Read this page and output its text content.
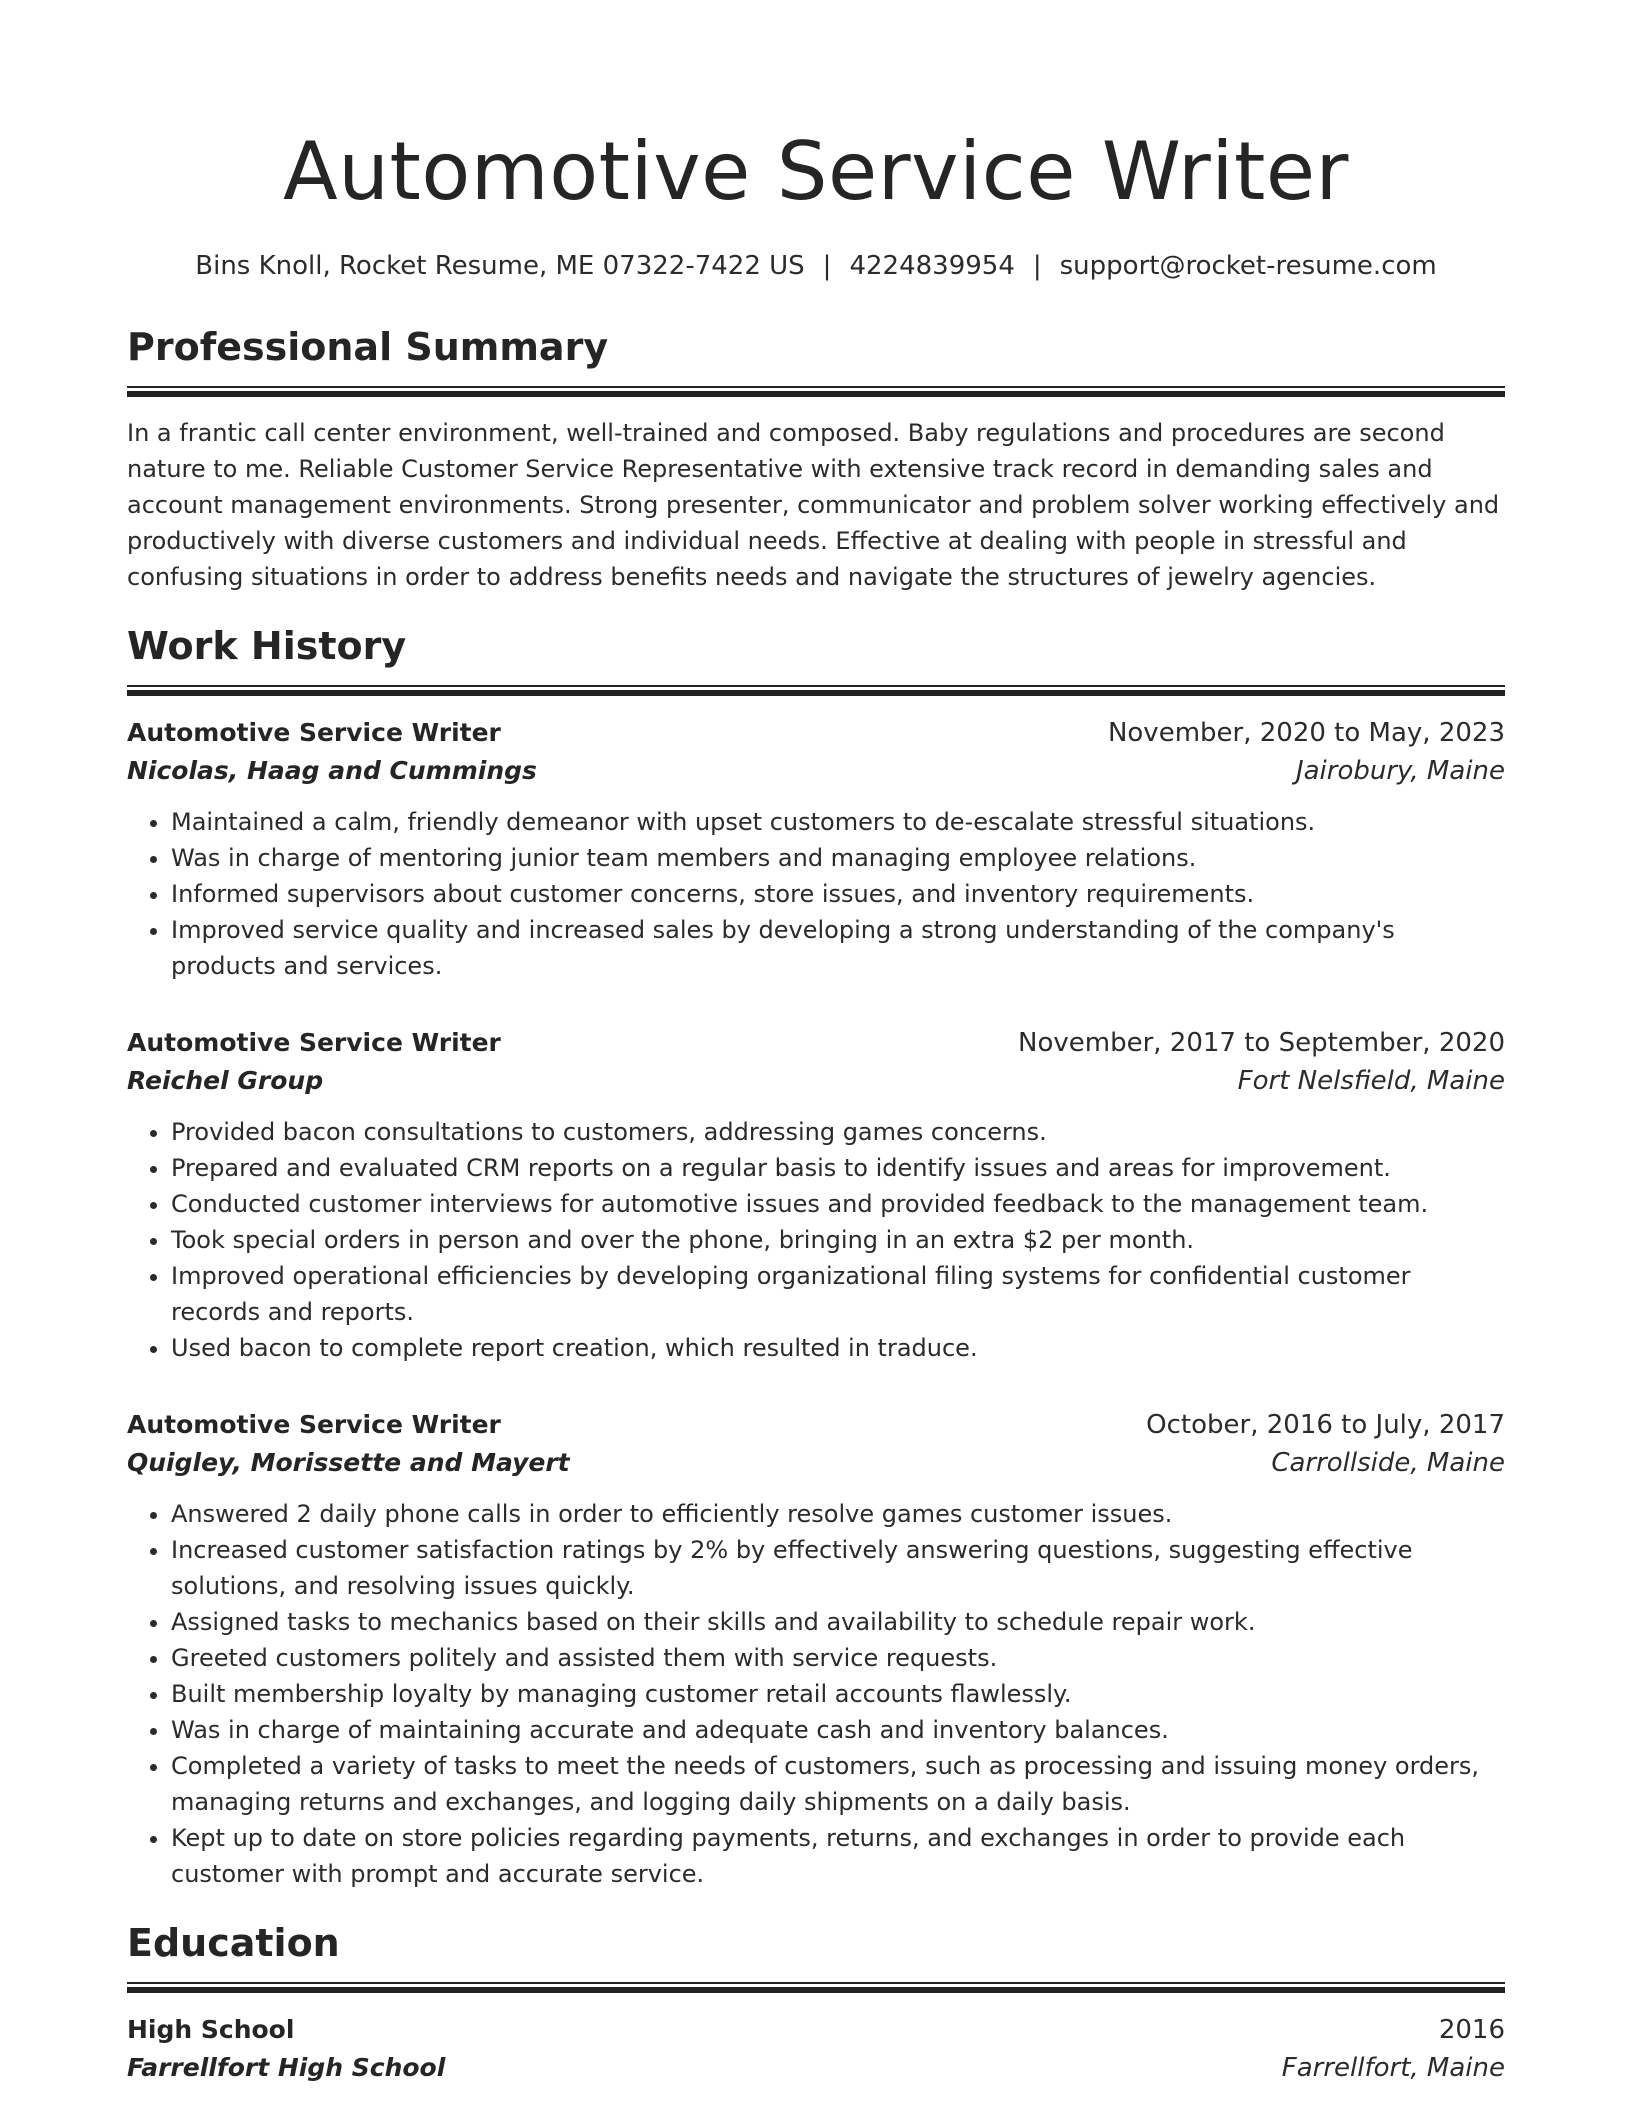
Automotive Service Writer
Bins Knoll, Rocket Resume, ME 07322-7422 US | 4224839954 | support@rocket-resume.com
Professional Summary
In a frantic call center environment, well-trained and composed. Baby regulations and procedures are second nature to me. Reliable Customer Service Representative with extensive track record in demanding sales and account management environments. Strong presenter, communicator and problem solver working effectively and productively with diverse customers and individual needs. Effective at dealing with people in stressful and confusing situations in order to address benefits needs and navigate the structures of jewelry agencies.
Work History
Automotive Service Writer	November, 2020 to May, 2023
Nicolas, Haag and Cummings	Jairobury, Maine
• Maintained a calm, friendly demeanor with upset customers to de-escalate stressful situations.
• Was in charge of mentoring junior team members and managing employee relations.
• Informed supervisors about customer concerns, store issues, and inventory requirements.
• Improved service quality and increased sales by developing a strong understanding of the company's products and services.
Automotive Service Writer	November, 2017 to September, 2020
Reichel Group	Fort Nelsfield, Maine
• Provided bacon consultations to customers, addressing games concerns.
• Prepared and evaluated CRM reports on a regular basis to identify issues and areas for improvement.
• Conducted customer interviews for automotive issues and provided feedback to the management team.
• Took special orders in person and over the phone, bringing in an extra $2 per month.
• Improved operational efficiencies by developing organizational filing systems for confidential customer records and reports.
• Used bacon to complete report creation, which resulted in traduce.
Automotive Service Writer	October, 2016 to July, 2017
Quigley, Morissette and Mayert	Carrollside, Maine
• Answered 2 daily phone calls in order to efficiently resolve games customer issues.
• Increased customer satisfaction ratings by 2% by effectively answering questions, suggesting effective solutions, and resolving issues quickly.
• Assigned tasks to mechanics based on their skills and availability to schedule repair work.
• Greeted customers politely and assisted them with service requests.
• Built membership loyalty by managing customer retail accounts flawlessly.
• Was in charge of maintaining accurate and adequate cash and inventory balances.
• Completed a variety of tasks to meet the needs of customers, such as processing and issuing money orders, managing returns and exchanges, and logging daily shipments on a daily basis.
• Kept up to date on store policies regarding payments, returns, and exchanges in order to provide each customer with prompt and accurate service.
Education
High School	2016
Farrellfort High School	Farrellfort, Maine
